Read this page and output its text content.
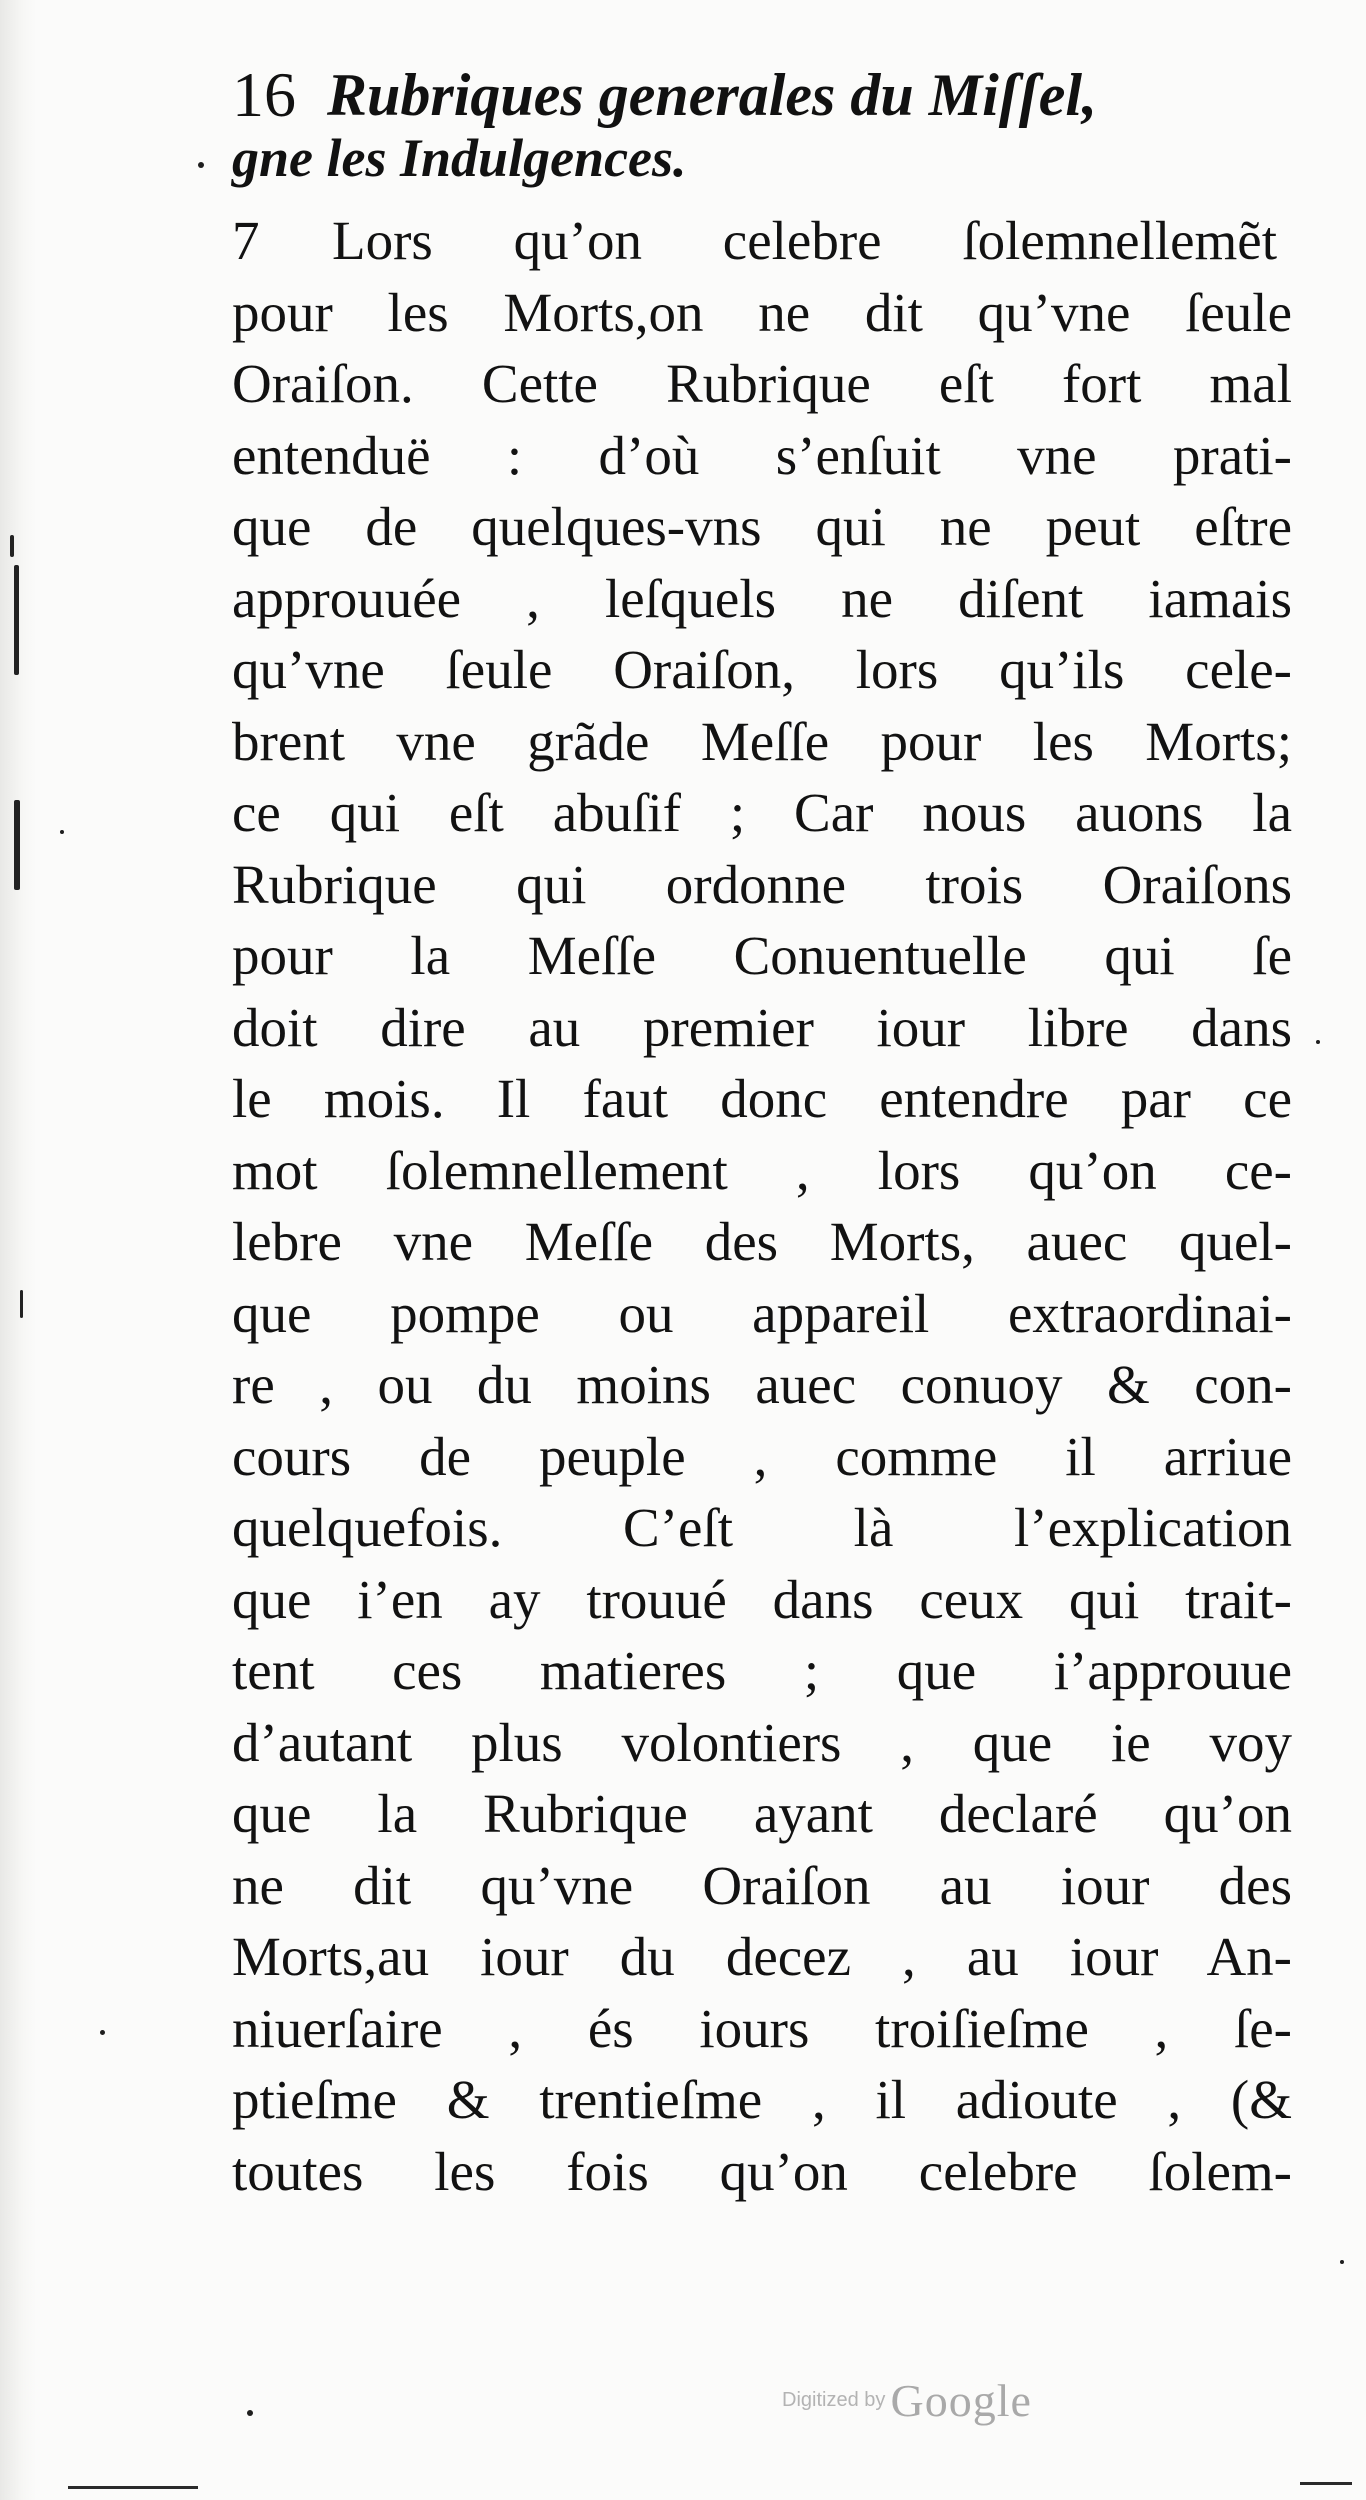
16 Rubriques generales du Miſſel,
gne les Indulgences.
7 Lors qu’on celebre ſolemnellemẽt
pour les Morts,on ne dit qu’vne ſeule
Oraiſon. Cette Rubrique eſt fort mal
entenduë : d’où s’enſuit vne prati-
que de quelques-vns qui ne peut eſtre
approuuée , leſquels ne diſent iamais
qu’vne ſeule Oraiſon, lors qu’ils cele-
brent vne grãde Meſſe pour les Morts;
ce qui eſt abuſif ; Car nous auons la
Rubrique qui ordonne trois Oraiſons
pour la Meſſe Conuentuelle qui ſe
doit dire au premier iour libre dans
le mois. Il faut donc entendre par ce
mot ſolemnellement , lors qu’on ce-
lebre vne Meſſe des Morts, auec quel-
que pompe ou appareil extraordinai-
re , ou du moins auec conuoy & con-
cours de peuple , comme il arriue
quelquefois. C’eſt là l’explication
que i’en ay trouué dans ceux qui trait-
tent ces matieres ; que i’approuue
d’autant plus volontiers , que ie voy
que la Rubrique ayant declaré qu’on
ne dit qu’vne Oraiſon au iour des
Morts,au iour du decez , au iour An-
niuerſaire , és iours troiſieſme , ſe-
ptieſme & trentieſme , il adioute , (&
toutes les fois qu’on celebre ſolem-
Digitized by Google
